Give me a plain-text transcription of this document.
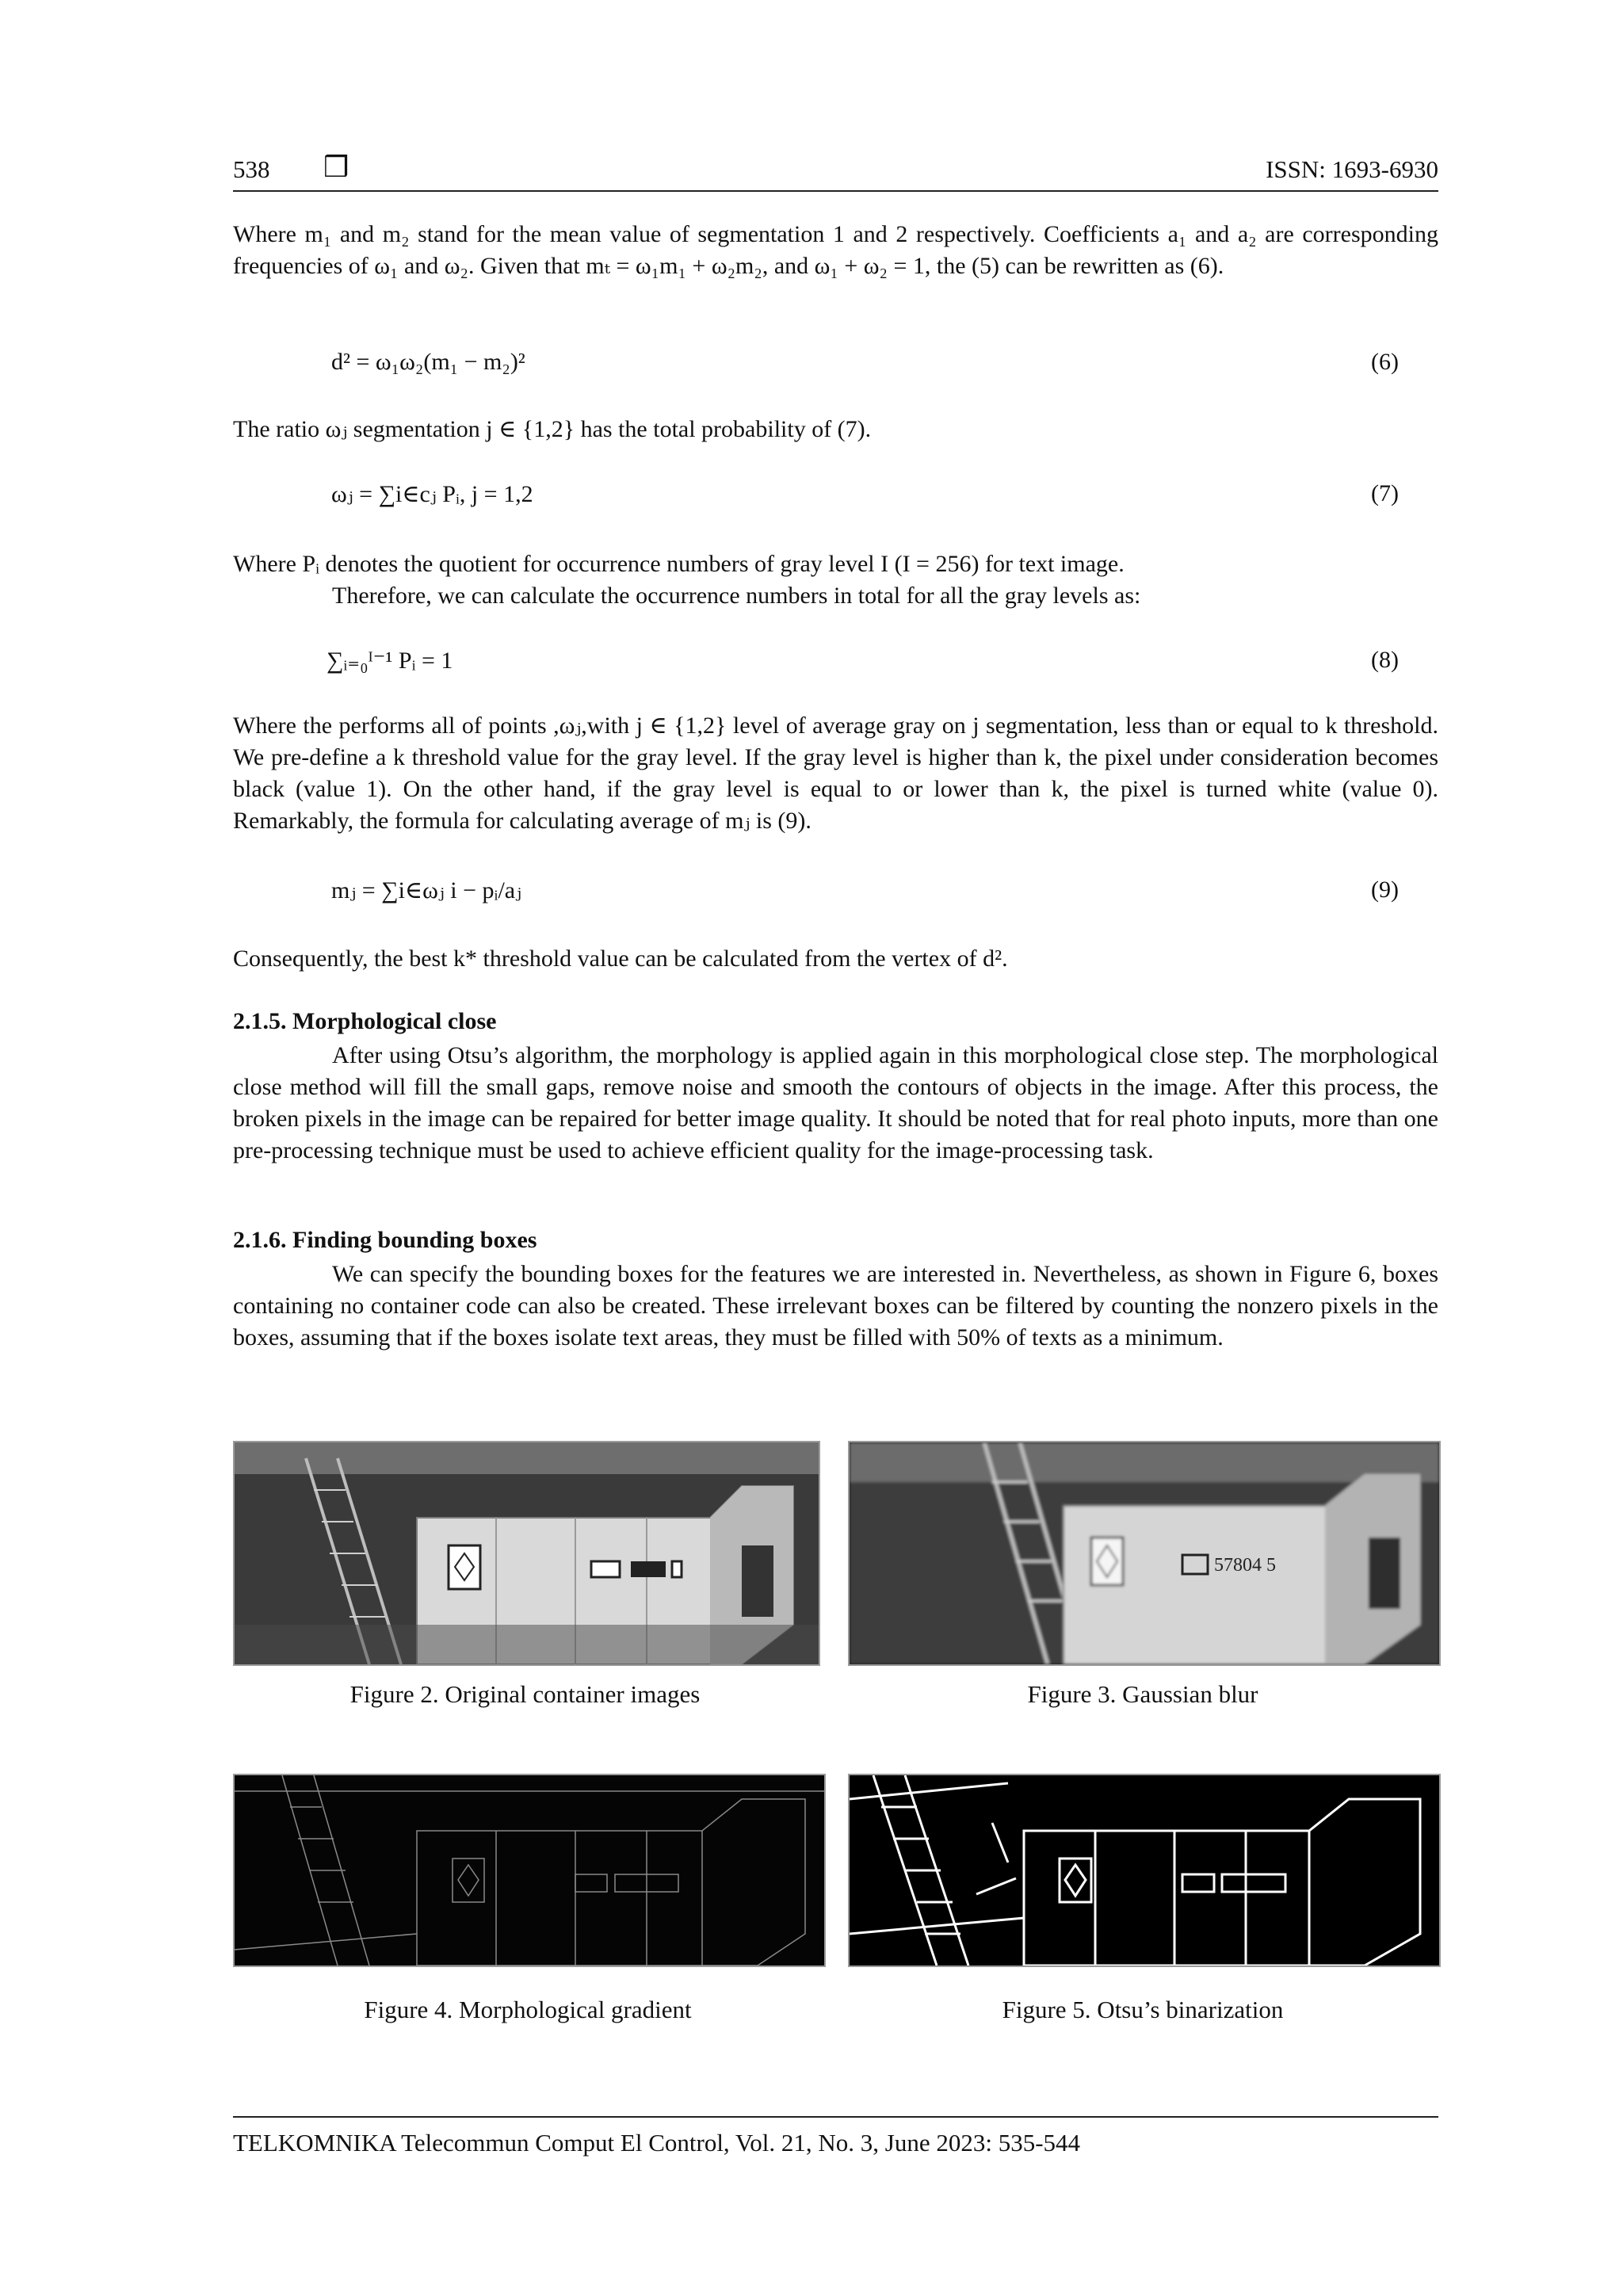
538 ❒	ISSN: 1693-6930

Where m₁ and m₂ stand for the mean value of segmentation 1 and 2 respectively. Coefficients a₁ and a₂ are corresponding frequencies of ω₁ and ω₂. Given that mₜ = ω₁m₁ + ω₂m₂, and ω₁ + ω₂ = 1, the (5) can be rewritten as (6).

d² = ω₁ω₂(m₁ − m₂)²	(6)

The ratio ωⱼ segmentation j ∈ {1,2} has the total probability of (7).

ωⱼ = ∑i∈cⱼ Pᵢ, j = 1,2	(7)

Where Pᵢ denotes the quotient for occurrence numbers of gray level I (I = 256) for text image.

Therefore, we can calculate the occurrence numbers in total for all the gray levels as:

∑ᵢ₌₀ᴵ⁻¹ Pᵢ = 1	(8)

Where the performs all of points ,ωⱼ,with j ∈ {1,2} level of average gray on j segmentation, less than or equal to k threshold. We pre-define a k threshold value for the gray level. If the gray level is higher than k, the pixel under consideration becomes black (value 1). On the other hand, if the gray level is equal to or lower than k, the pixel is turned white (value 0). Remarkably, the formula for calculating average of mⱼ is (9).

mⱼ = ∑i∈ωⱼ i − pᵢ/aⱼ	(9)

Consequently, the best k* threshold value can be calculated from the vertex of d².

2.1.5. Morphological close

After using Otsu’s algorithm, the morphology is applied again in this morphological close step. The morphological close method will fill the small gaps, remove noise and smooth the contours of objects in the image. After this process, the broken pixels in the image can be repaired for better image quality. It should be noted that for real photo inputs, more than one pre-processing technique must be used to achieve efficient quality for the image-processing task.

2.1.6. Finding bounding boxes

We can specify the bounding boxes for the features we are interested in. Nevertheless, as shown in Figure 6, boxes containing no container code can also be created. These irrelevant boxes can be filtered by counting the nonzero pixels in the boxes, assuming that if the boxes isolate text areas, they must be filled with 50% of texts as a minimum.

57804 5
Figure 2. Original container images	Figure 3. Gaussian blur
Figure 4. Morphological gradient	Figure 5. Otsu’s binarization
TELKOMNIKA Telecommun Comput El Control, Vol. 21, No. 3, June 2023: 535-544
